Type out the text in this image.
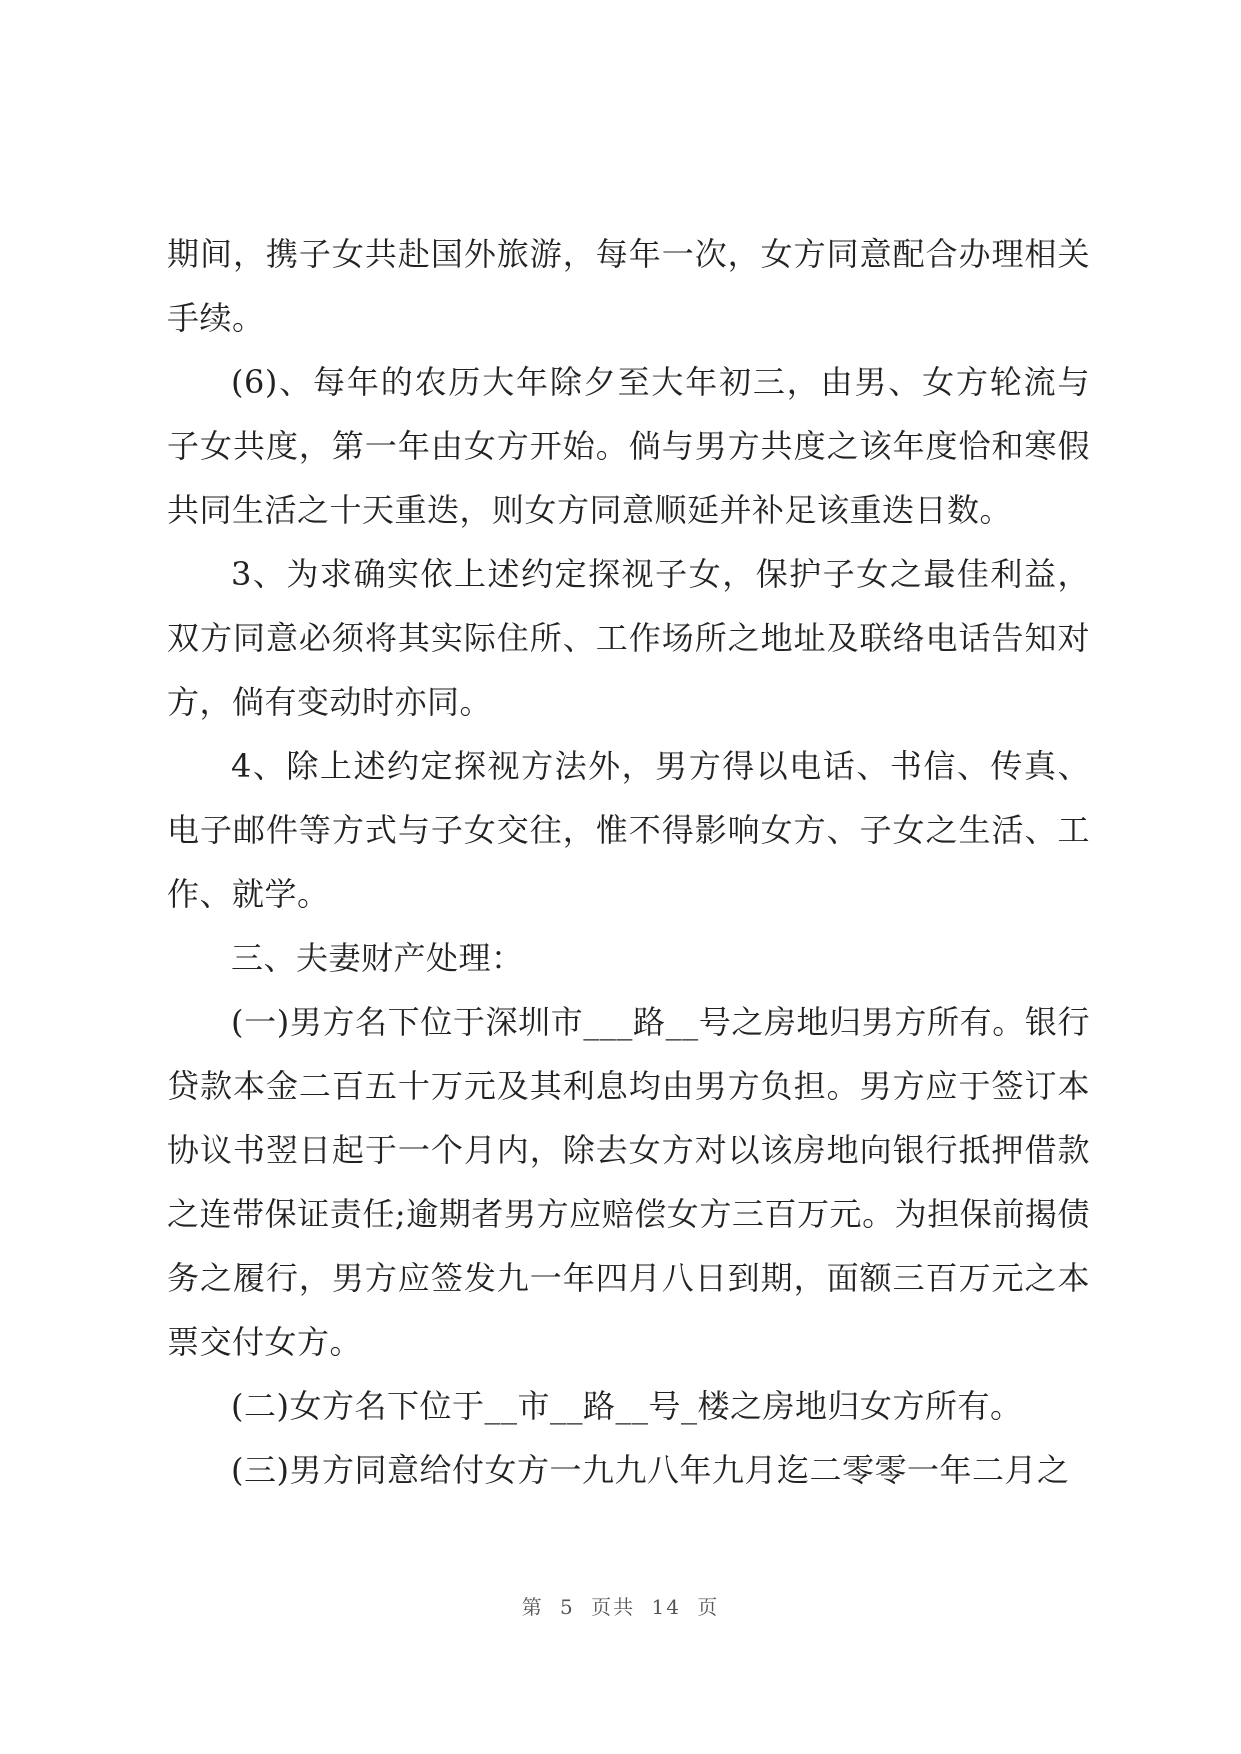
期间，携子女共赴国外旅游，每年一次，女方同意配合办理相关手续。

(6)、每年的农历大年除夕至大年初三，由男、女方轮流与子女共度，第一年由女方开始。倘与男方共度之该年度恰和寒假共同生活之十天重迭，则女方同意顺延并补足该重迭日数。

3、为求确实依上述约定探视子女，保护子女之最佳利益，双方同意必须将其实际住所、工作场所之地址及联络电话告知对方，倘有变动时亦同。

4、除上述约定探视方法外，男方得以电话、书信、传真、电子邮件等方式与子女交往，惟不得影响女方、子女之生活、工作、就学。

三、夫妻财产处理：

(一)男方名下位于深圳市___路__号之房地归男方所有。银行贷款本金二百五十万元及其利息均由男方负担。男方应于签订本协议书翌日起于一个月内，除去女方对以该房地向银行抵押借款之连带保证责任;逾期者男方应赔偿女方三百万元。为担保前揭债务之履行，男方应签发九一年四月八日到期，面额三百万元之本票交付女方。

(二)女方名下位于__市__路__号_楼之房地归女方所有。

(三)男方同意给付女方一九九八年九月迄二零零一年二月之

第 5 页共 14 页
